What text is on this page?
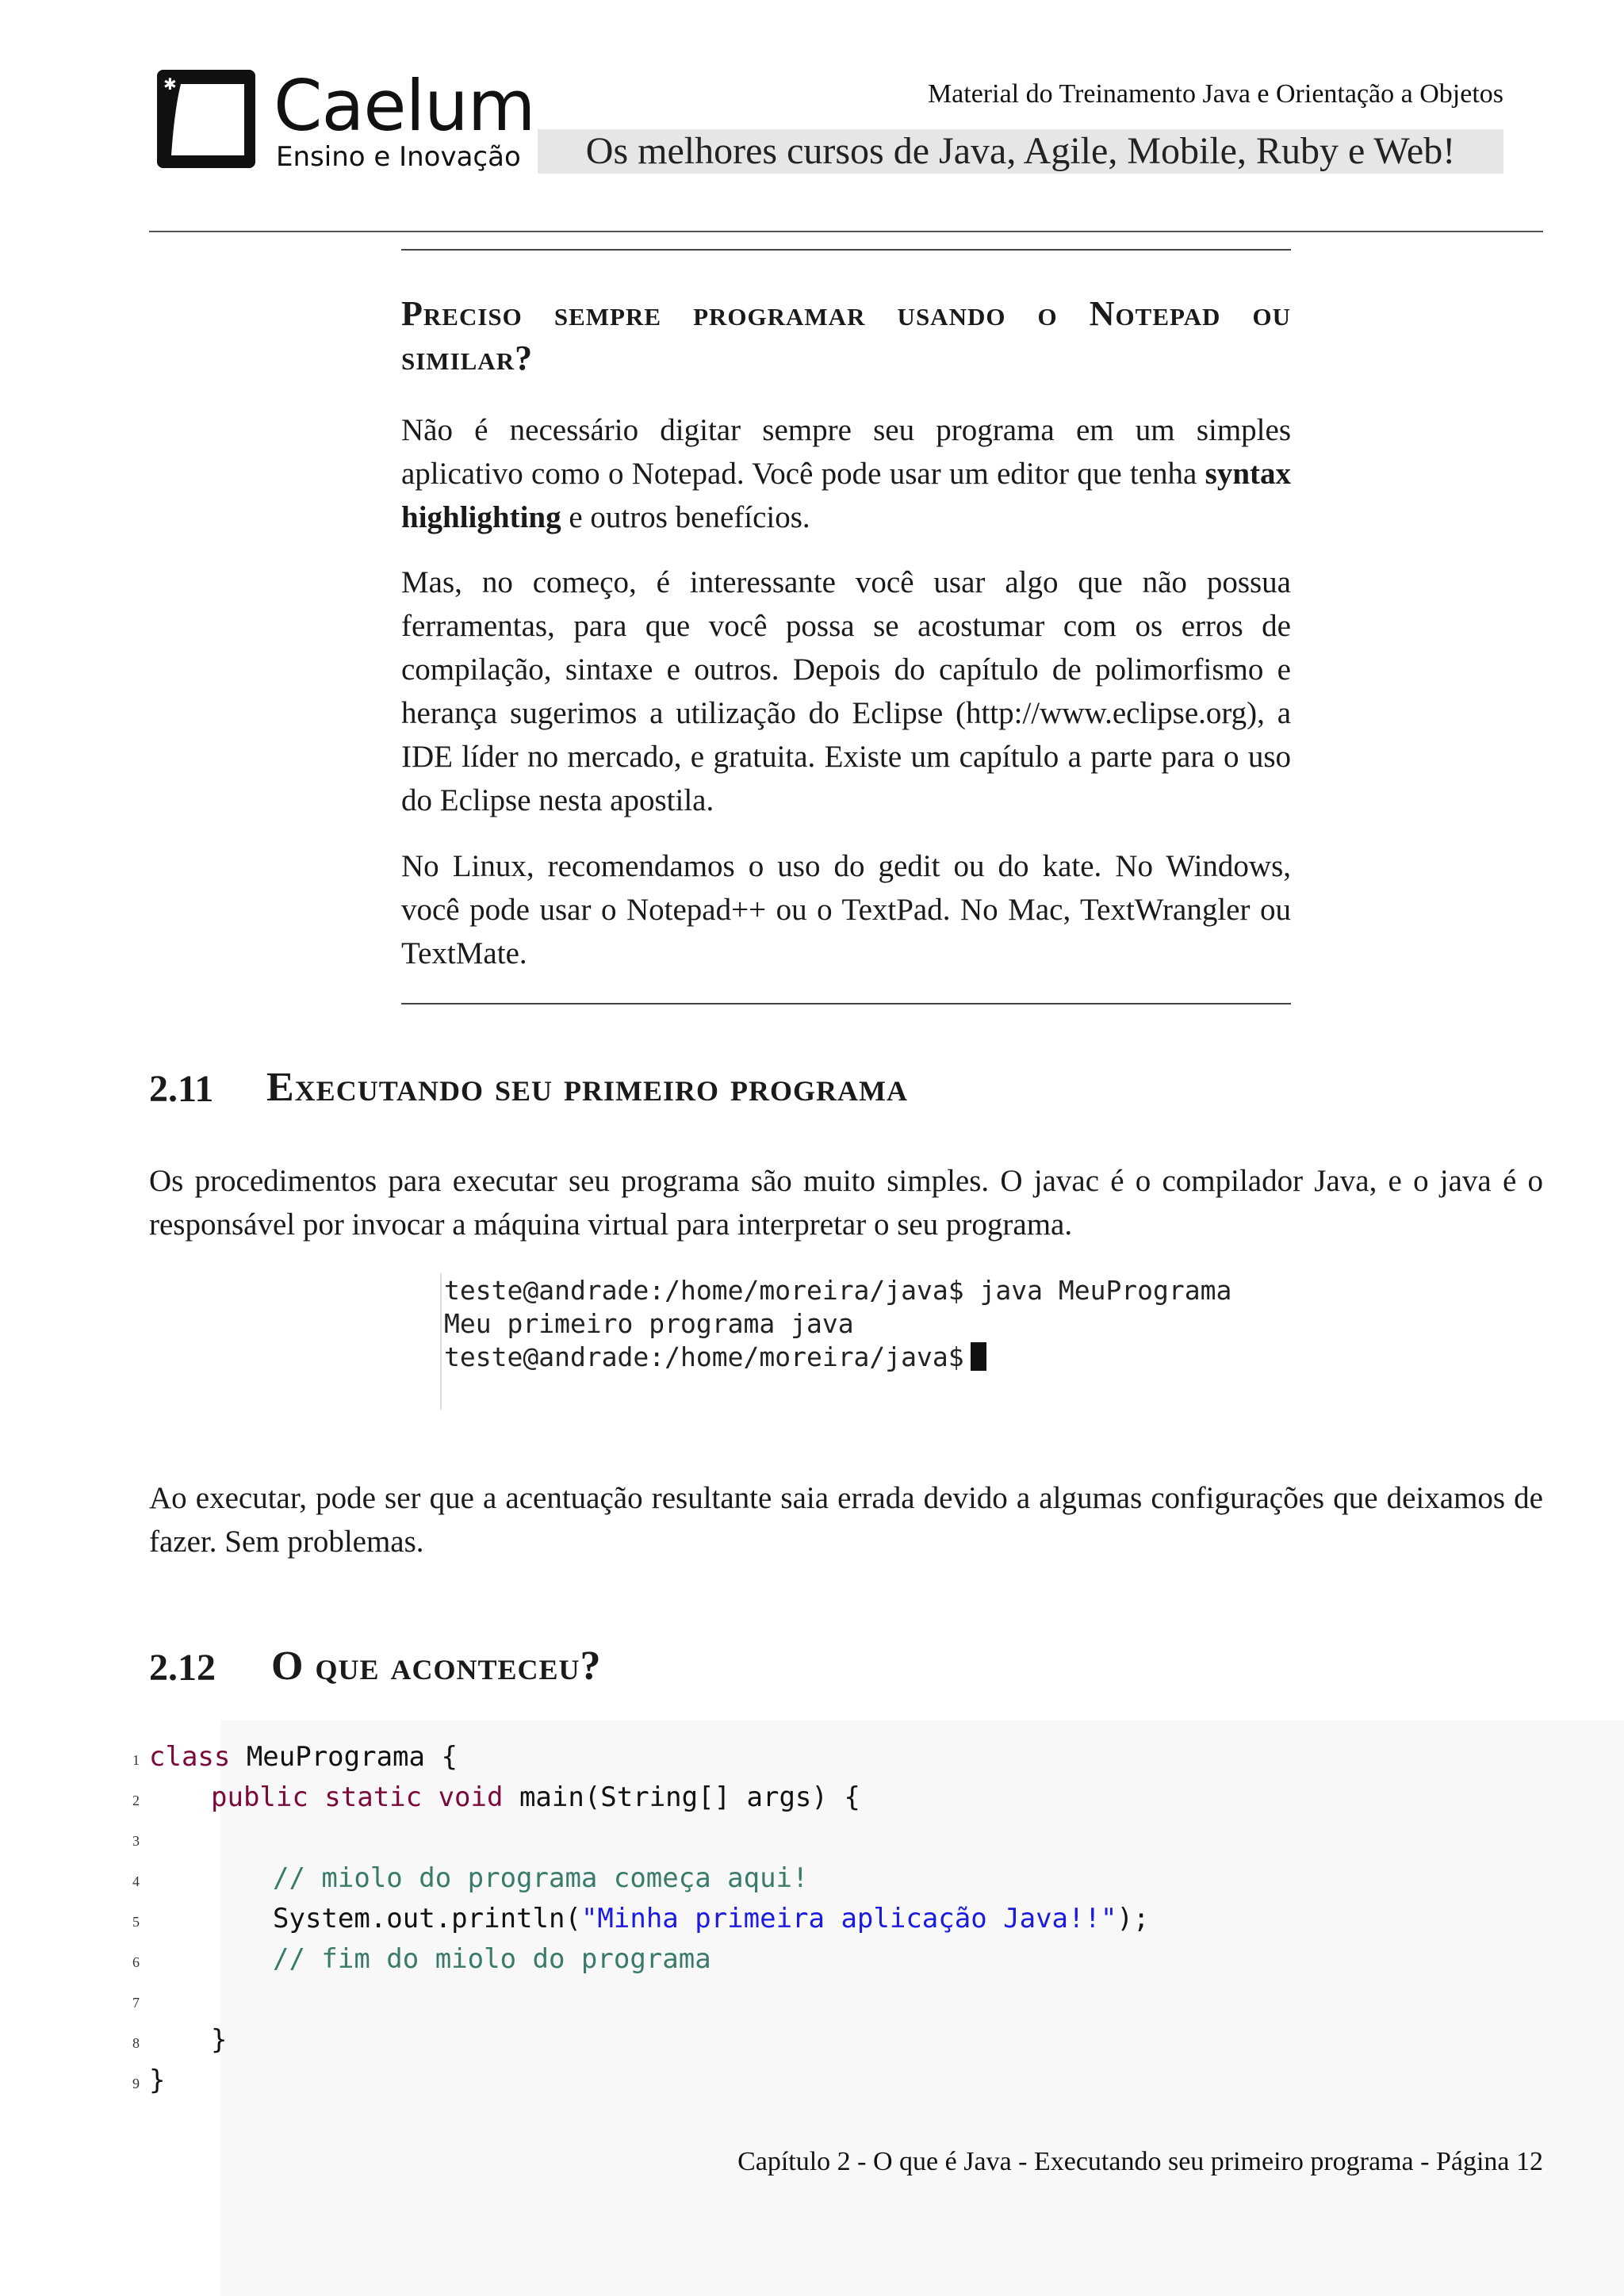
✱ Caelum
Ensino e Inovação
Material do Treinamento Java e Orientação a Objetos
Os melhores cursos de Java, Agile, Mobile, Ruby e Web!
Preciso sempre programar usando o Notepad ou similar?
Não é necessário digitar sempre seu programa em um simples aplicativo como o Notepad. Você pode usar um editor que tenha syntax highlighting e outros benefícios.
Mas, no começo, é interessante você usar algo que não possua ferramentas, para que você possa se acostumar com os erros de compilação, sintaxe e outros. Depois do capítulo de polimorfismo e herança sugerimos a utilização do Eclipse (http://www.eclipse.org), a IDE líder no mercado, e gratuita. Existe um capítulo a parte para o uso do Eclipse nesta apostila.
No Linux, recomendamos o uso do gedit ou do kate. No Windows, você pode usar o Notepad++ ou o TextPad. No Mac, TextWrangler ou TextMate.
2.11 Executando seu primeiro programa
Os procedimentos para executar seu programa são muito simples. O javac é o compilador Java, e o java é o responsável por invocar a máquina virtual para interpretar o seu programa.
teste@andrade:/home/moreira/java$ java MeuPrograma
Meu primeiro programa java
teste@andrade:/home/moreira/java$
Ao executar, pode ser que a acentuação resultante saia errada devido a algumas configurações que deixamos de fazer. Sem problemas.
2.12 O que aconteceu?
1
2
3
4
5
6
7
8
9
class MeuPrograma {
public static void main(String[] args) {
// miolo do programa começa aqui!
System.out.println("Minha primeira aplicação Java!!");
// fim do miolo do programa
}
}
Capítulo 2 - O que é Java - Executando seu primeiro programa - Página 12
